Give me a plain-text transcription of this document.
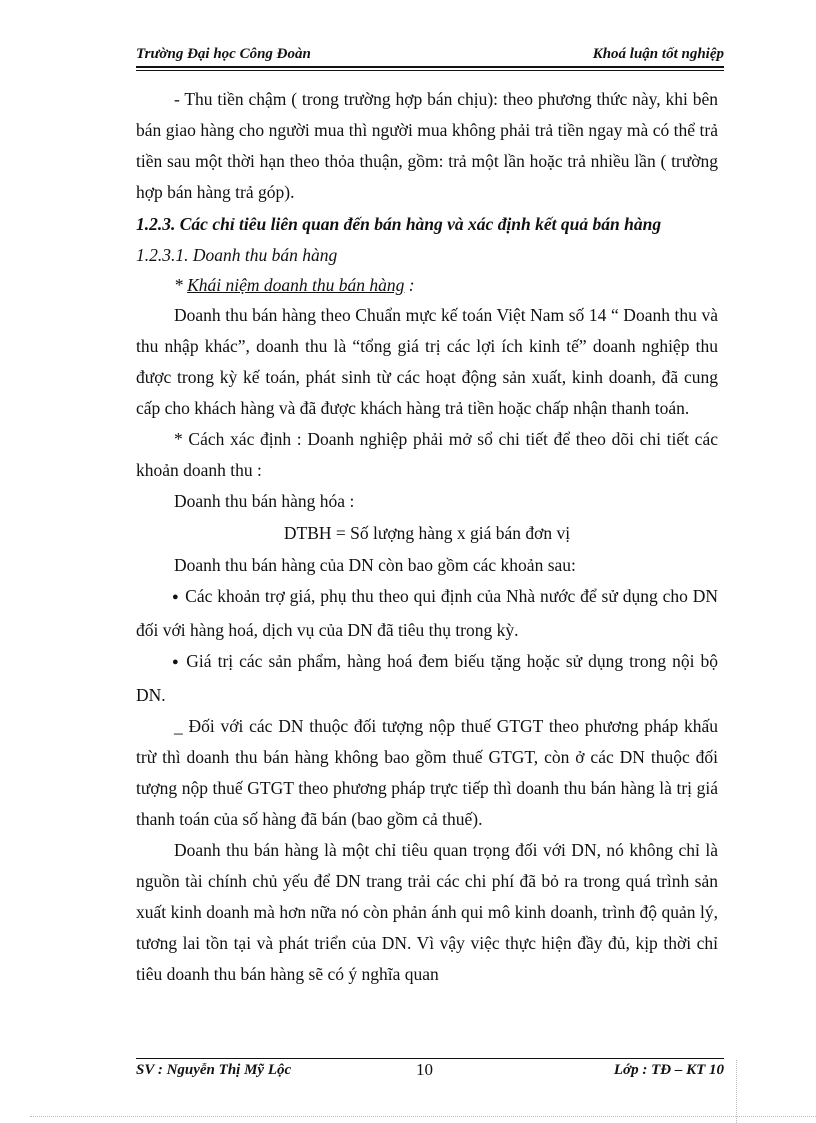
Trường Đại học Công Đoàn	Khoá luận tốt nghiệp

- Thu tiền chậm ( trong trường hợp bán chịu): theo phương thức này, khi bên bán giao hàng cho người mua thì người mua không phải trả tiền ngay mà có thể trả tiền sau một thời hạn theo thỏa thuận, gồm: trả một lần hoặc trả nhiều lần ( trường hợp bán hàng trả góp).

1.2.3. Các chỉ tiêu liên quan đến bán hàng và xác định kết quả bán hàng

1.2.3.1. Doanh thu bán hàng

* Khái niệm doanh thu bán hàng :

Doanh thu bán hàng theo Chuẩn mực kế toán Việt Nam số 14 “ Doanh thu và thu nhập khác”, doanh thu là “tổng giá trị các lợi ích kinh tế” doanh nghiệp thu được trong kỳ kế toán, phát sinh từ các hoạt động sản xuất, kinh doanh, đã cung cấp cho khách hàng và đã được khách hàng trả tiền hoặc chấp nhận thanh toán.

* Cách xác định : Doanh nghiệp phải mở sổ chi tiết để theo dõi chi tiết các khoản doanh thu :

Doanh thu bán hàng hóa :

DTBH = Số lượng hàng x giá bán đơn vị

Doanh thu bán hàng của DN còn bao gồm các khoản sau:

● Các khoản trợ giá, phụ thu theo qui định của Nhà nước để sử dụng cho DN đối với hàng hoá, dịch vụ của DN đã tiêu thụ trong kỳ.

● Giá trị các sản phẩm, hàng hoá đem biếu tặng hoặc sử dụng trong nội bộ DN.

_ Đối với các DN thuộc đối tượng nộp thuế GTGT theo phương pháp khấu trừ thì doanh thu bán hàng không bao gồm thuế GTGT, còn ở các DN thuộc đối tượng nộp thuế GTGT theo phương pháp trực tiếp thì doanh thu bán hàng là trị giá thanh toán của số hàng đã bán (bao gồm cả thuế).

Doanh thu bán hàng là một chỉ tiêu quan trọng đối với DN, nó không chỉ là nguồn tài chính chủ yếu để DN trang trải các chi phí đã bỏ ra trong quá trình sản xuất kinh doanh mà hơn nữa nó còn phản ánh qui mô kinh doanh, trình độ quản lý, tương lai tồn tại và phát triển của DN. Vì vậy việc thực hiện đầy đủ, kịp thời chỉ tiêu doanh thu bán hàng sẽ có ý nghĩa quan

SV : Nguyễn Thị Mỹ Lộc	10	Lớp : TĐ – KT 10
